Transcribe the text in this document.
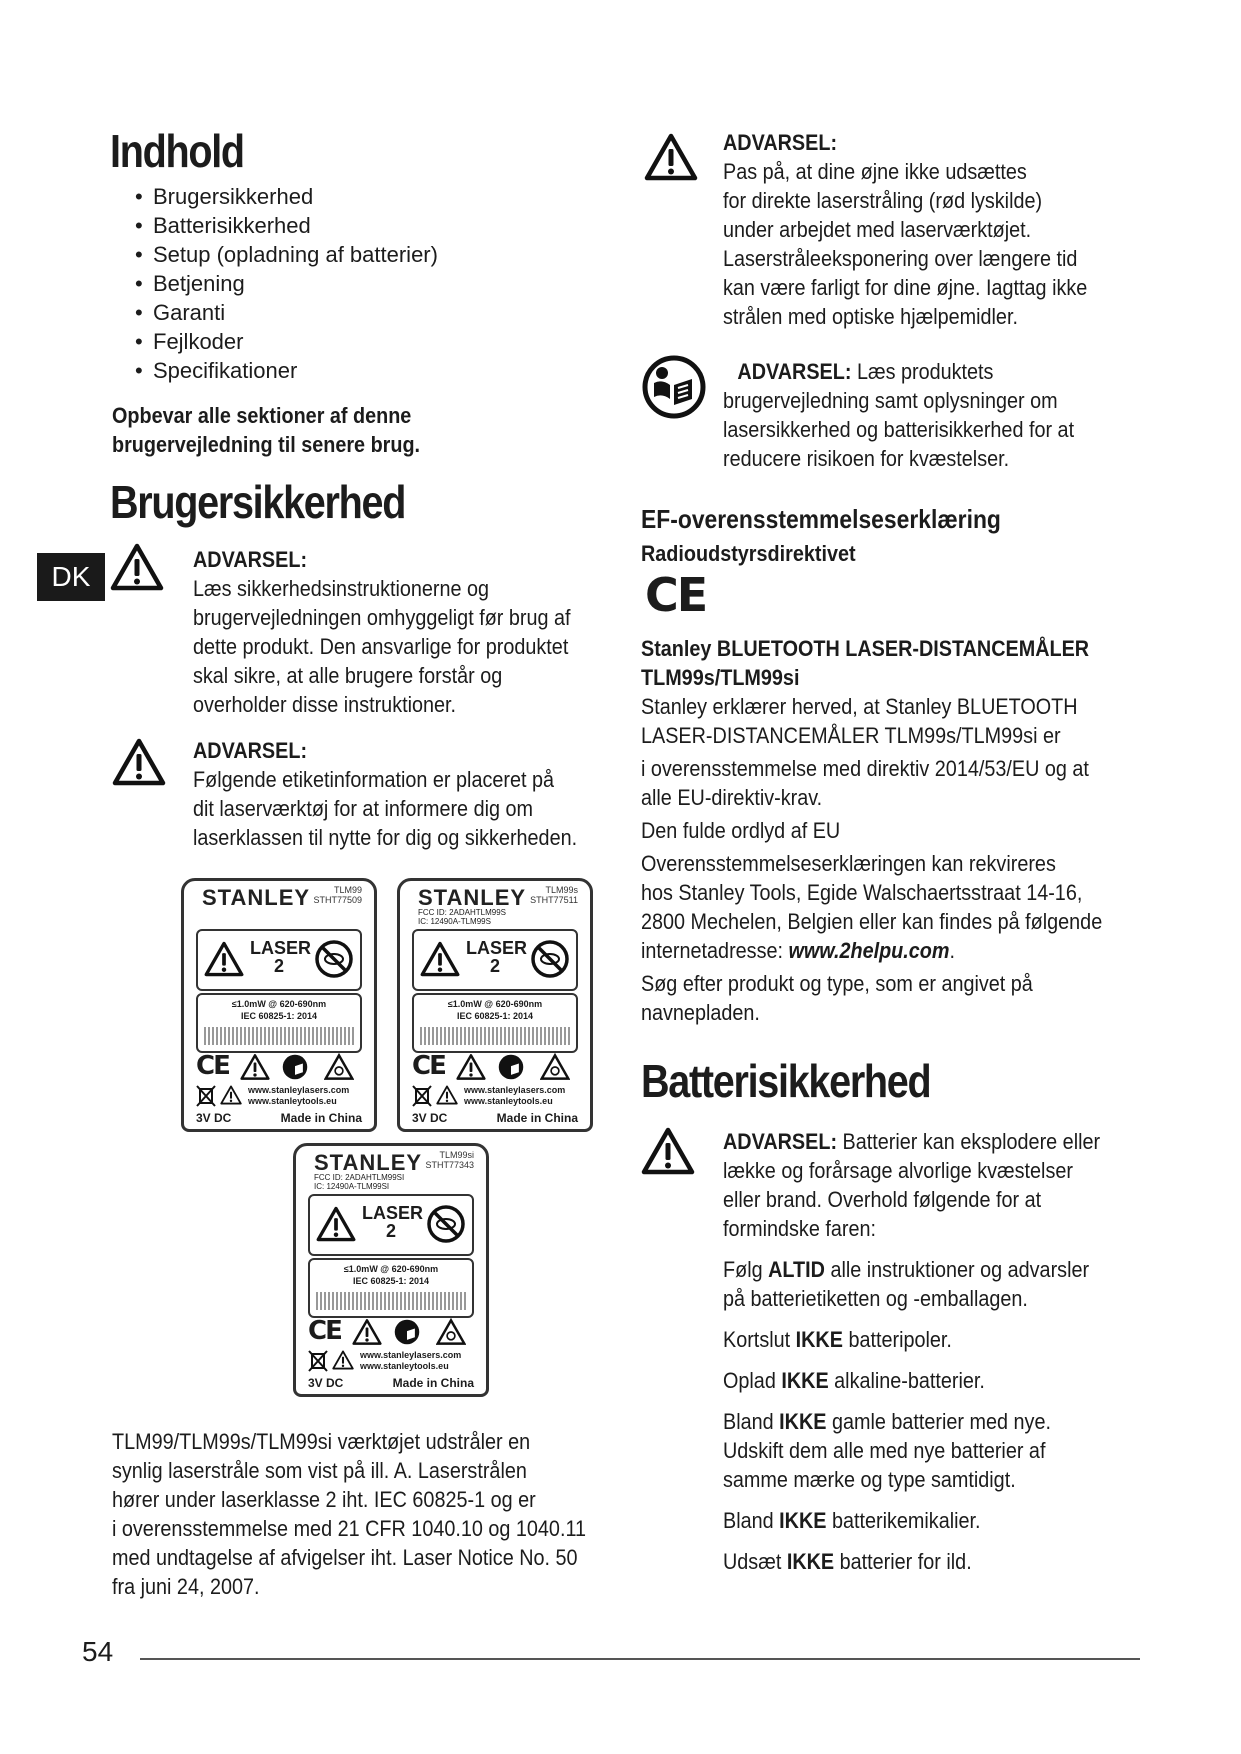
Indhold
• Brugersikkerhed
• Batterisikkerhed
• Setup (opladning af batterier)
• Betjening
• Garanti
• Fejlkoder
• Specifikationer
Opbevar alle sektioner af denne
brugervejledning til senere brug.
Brugersikkerhed
DK
ADVARSEL:
Læs sikkerhedsinstruktionerne og
brugervejledningen omhyggeligt før brug af
dette produkt. Den ansvarlige for produktet
skal sikre, at alle brugere forstår og
overholder disse instruktioner.
ADVARSEL:
Følgende etiketinformation er placeret på
dit laserværktøj for at informere dig om
laserklassen til nytte for dig og sikkerheden.
STANLEY	TLM99
STHT77509

LASER
2
≤1.0mW @ 620-690nm
IEC 60825-1: 2014
CE
www.stanleylasers.com
www.stanleytools.eu
3V DC	Made in China
STANLEY	TLM99s
STHT77511
FCC ID: 2ADAHTLM99S
IC: 12490A-TLM99S
LASER
2
≤1.0mW @ 620-690nm
IEC 60825-1: 2014
CE
www.stanleylasers.com
www.stanleytools.eu
3V DC	Made in China
STANLEY	TLM99si
STHT77343
FCC ID: 2ADAHTLM99SI
IC: 12490A-TLM99SI
LASER
2
≤1.0mW @ 620-690nm
IEC 60825-1: 2014
CE
www.stanleylasers.com
www.stanleytools.eu
3V DC	Made in China
TLM99/TLM99s/TLM99si værktøjet udstråler en
synlig laserstråle som vist på ill. A. Laserstrålen
hører under laserklasse 2 iht. IEC 60825-1 og er
i overensstemmelse med 21 CFR 1040.10 og 1040.11
med undtagelse af afvigelser iht. Laser Notice No. 50
fra juni 24, 2007.
ADVARSEL:
Pas på, at dine øjne ikke udsættes
for direkte laserstråling (rød lyskilde)
under arbejdet med laserværktøjet.
Laserstråleeksponering over længere tid
kan være farligt for dine øjne. Iagttag ikke
strålen med optiske hjælpemidler.
ADVARSEL: Læs produktets
brugervejledning samt oplysninger om
lasersikkerhed og batterisikkerhed for at
reducere risikoen for kvæstelser.
EF-overensstemmelseserklæring
Radioudstyrsdirektivet
CE
Stanley BLUETOOTH LASER-DISTANCEMÅLER
TLM99s/TLM99si
Stanley erklærer herved, at Stanley BLUETOOTH
LASER-DISTANCEMÅLER TLM99s/TLM99si er
i overensstemmelse med direktiv 2014/53/EU og at
alle EU-direktiv-krav.
Den fulde ordlyd af EU
Overensstemmelseserklæringen kan rekvireres
hos Stanley Tools, Egide Walschaertsstraat 14-16,
2800 Mechelen, Belgien eller kan findes på følgende
internetadresse: www.2helpu.com.
Søg efter produkt og type, som er angivet på
navnepladen.
Batterisikkerhed
ADVARSEL: Batterier kan eksplodere eller
lække og forårsage alvorlige kvæstelser
eller brand. Overhold følgende for at
formindske faren:
Følg ALTID alle instruktioner og advarsler
på batterietiketten og -emballagen.
Kortslut IKKE batteripoler.
Oplad IKKE alkaline-batterier.
Bland IKKE gamle batterier med nye.
Udskift dem alle med nye batterier af
samme mærke og type samtidigt.
Bland IKKE batterikemikalier.
Udsæt IKKE batterier for ild.
54
